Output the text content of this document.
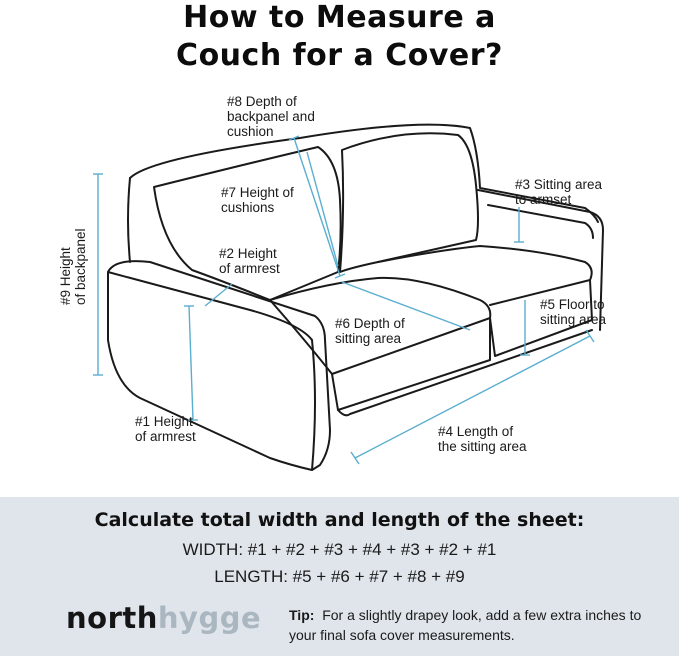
How to Measure a
Couch for a Cover?
#8 Depth of
backpanel and
cushion
#7 Height of
cushions
#3 Sitting area
to armset
#2 Height
of armrest
#9 Height of backpanel
#6 Depth of
sitting area
#5 Floor to
sitting area
#1 Height
of armrest	#4 Length of
the sitting area
Calculate total width and length of the sheet:
WIDTH: #1 + #2 + #3 + #4 + #3 + #2 + #1
LENGTH: #5 + #6 + #7 + #8 + #9
northhygge Tip: For a slightly drapey look, add a few extra inches to your final sofa cover measurements.
